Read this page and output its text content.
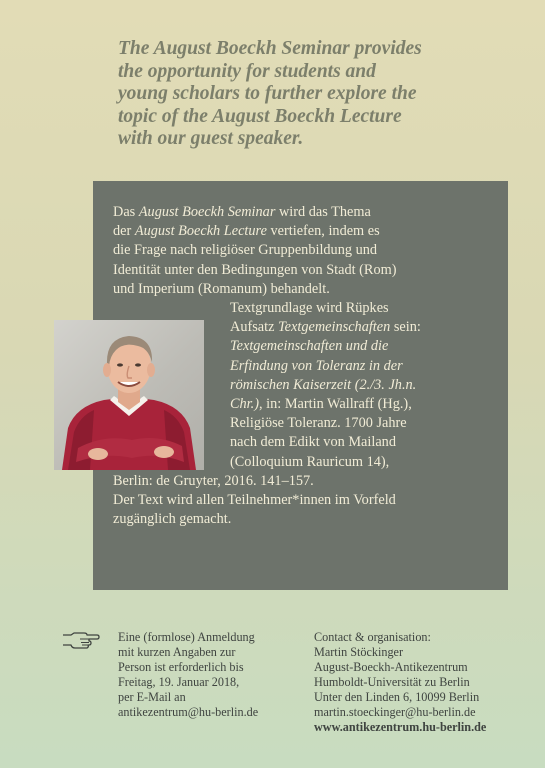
The August Boeckh Seminar provides
the opportunity for students and
young scholars to further explore the
topic of the August Boeckh Lecture
with our guest speaker.

Das August Boeckh Seminar wird das Thema
der August Boeckh Lecture vertiefen, indem es
die Frage nach religiöser Gruppenbildung und
Identität unter den Bedingungen von Stadt (Rom)
und Imperium (Romanum) behandelt.

Textgrundlage wird Rüpkes
Aufsatz Textgemeinschaften sein:
Textgemeinschaften und die
Erfindung von Toleranz in der
römischen Kaiserzeit (2./3. Jh.n.
Chr.), in: Martin Wallraff (Hg.),
Religiöse Toleranz. 1700 Jahre
nach dem Edikt von Mailand
(Colloquium Rauricum 14),
Berlin: de Gruyter, 2016. 141–157.
Der Text wird allen Teilnehmer*innen im Vorfeld
zugänglich gemacht.

Eine (formlose) Anmeldung
mit kurzen Angaben zur
Person ist erforderlich bis
Freitag, 19. Januar 2018,
per E-Mail an
antikezentrum@hu-berlin.de
Contact & organisation:
Martin Stöckinger
August-Boeckh-Antikezentrum
Humboldt-Universität zu Berlin
Unter den Linden 6, 10099 Berlin
martin.stoeckinger@hu-berlin.de
www.antikezentrum.hu-berlin.de
